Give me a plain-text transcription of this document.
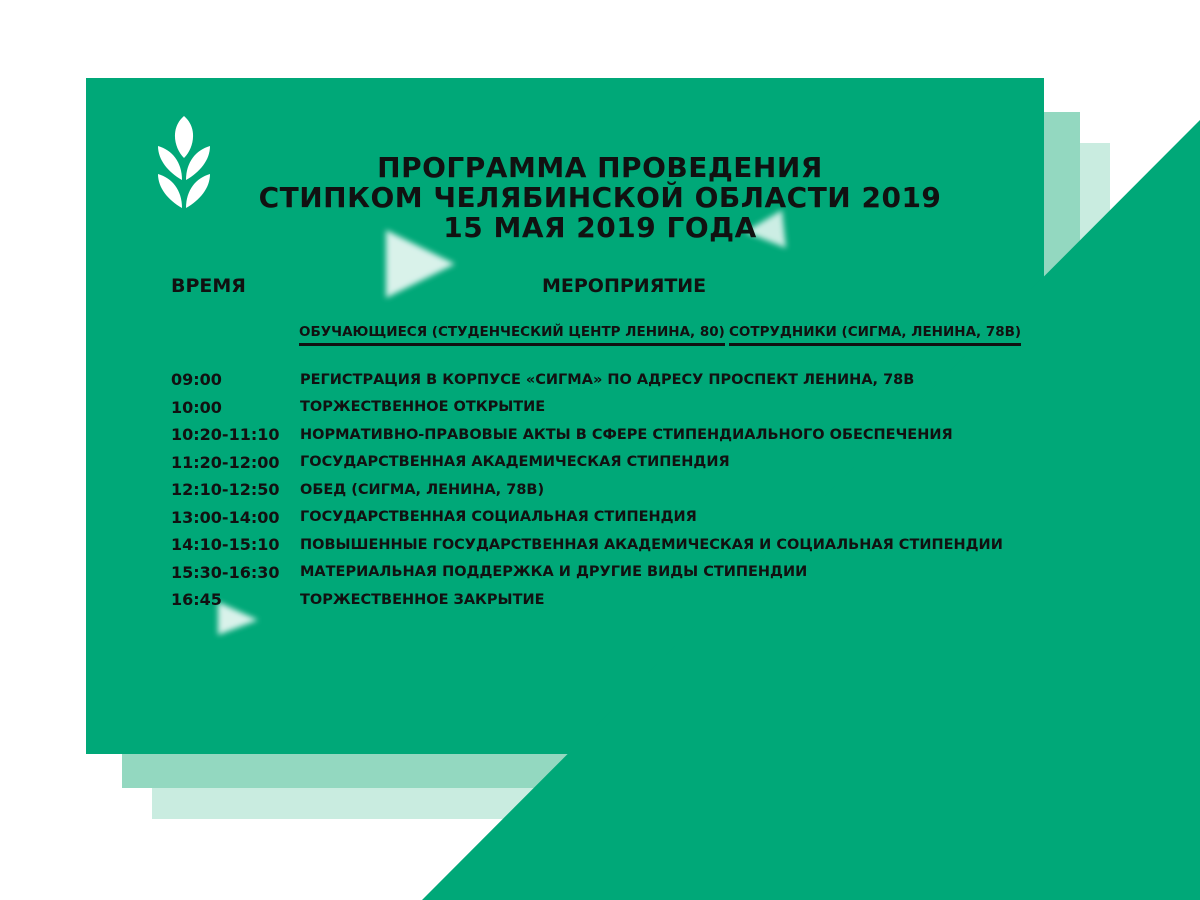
ПРОГРАММА ПРОВЕДЕНИЯ
СТИПКОМ ЧЕЛЯБИНСКОЙ ОБЛАСТИ 2019
15 МАЯ 2019 ГОДА
ВРЕМЯ	МЕРОПРИЯТИЕ
ОБУЧАЮЩИЕСЯ (СТУДЕНЧЕСКИЙ ЦЕНТР ЛЕНИНА, 80) СОТРУДНИКИ (СИГМА, ЛЕНИНА, 78В)
09:00	РЕГИСТРАЦИЯ В КОРПУСЕ «СИГМА» ПО АДРЕСУ ПРОСПЕКТ ЛЕНИНА, 78В
10:00	ТОРЖЕСТВЕННОЕ ОТКРЫТИЕ
10:20-11:10	НОРМАТИВНО-ПРАВОВЫЕ АКТЫ В СФЕРЕ СТИПЕНДИАЛЬНОГО ОБЕСПЕЧЕНИЯ
11:20-12:00	ГОСУДАРСТВЕННАЯ АКАДЕМИЧЕСКАЯ СТИПЕНДИЯ
12:10-12:50	ОБЕД (СИГМА, ЛЕНИНА, 78В)
13:00-14:00	ГОСУДАРСТВЕННАЯ СОЦИАЛЬНАЯ СТИПЕНДИЯ
14:10-15:10	ПОВЫШЕННЫЕ ГОСУДАРСТВЕННАЯ АКАДЕМИЧЕСКАЯ И СОЦИАЛЬНАЯ СТИПЕНДИИ
15:30-16:30	МАТЕРИАЛЬНАЯ ПОДДЕРЖКА И ДРУГИЕ ВИДЫ СТИПЕНДИИ
16:45	ТОРЖЕСТВЕННОЕ ЗАКРЫТИЕ
